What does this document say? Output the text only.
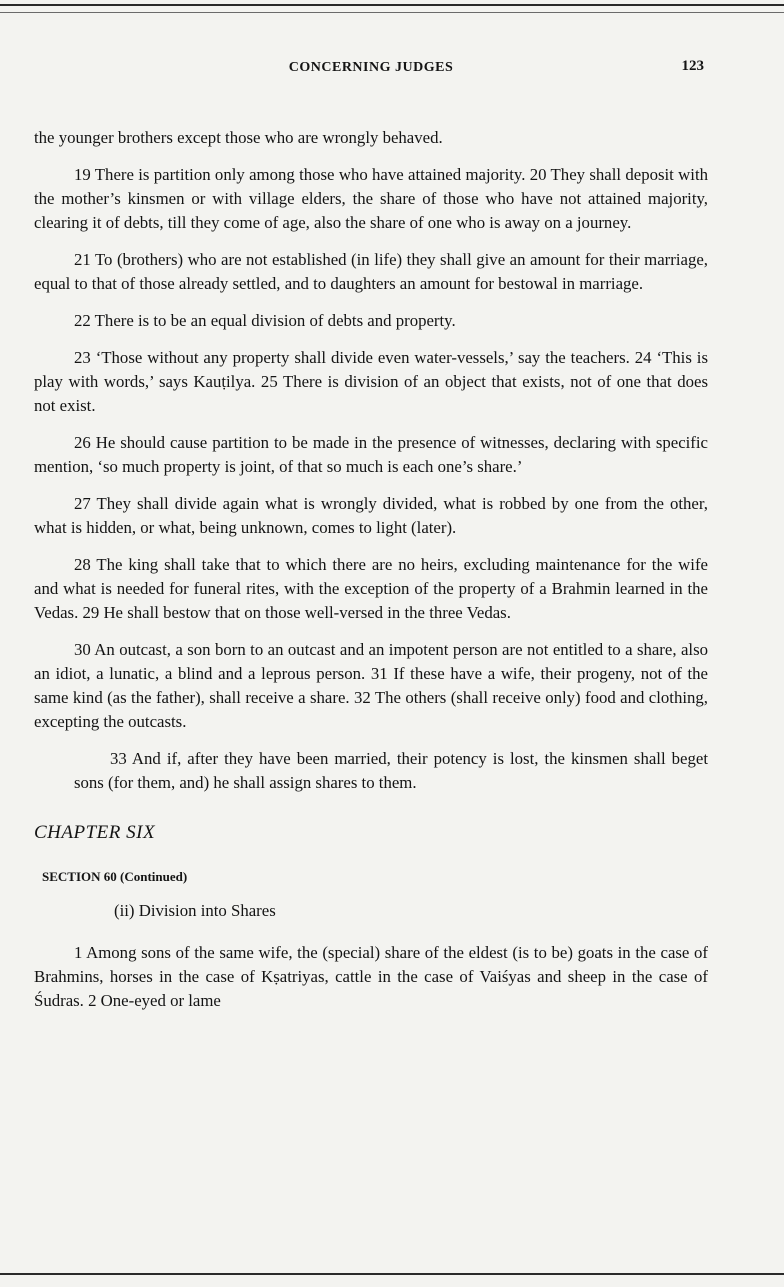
CONCERNING JUDGES	123

the younger brothers except those who are wrongly behaved.

19 There is partition only among those who have attained majority. 20 They shall deposit with the mother’s kinsmen or with village elders, the share of those who have not attained majority, clearing it of debts, till they come of age, also the share of one who is away on a journey.

21 To (brothers) who are not established (in life) they shall give an amount for their marriage, equal to that of those already settled, and to daughters an amount for bestowal in marriage.

22 There is to be an equal division of debts and property.

23 ‘Those without any property shall divide even water-vessels,’ say the teachers. 24 ‘This is play with words,’ says Kauṭilya. 25 There is division of an object that exists, not of one that does not exist.

26 He should cause partition to be made in the presence of witnesses, declaring with specific mention, ‘so much property is joint, of that so much is each one’s share.’

27 They shall divide again what is wrongly divided, what is robbed by one from the other, what is hidden, or what, being unknown, comes to light (later).

28 The king shall take that to which there are no heirs, excluding maintenance for the wife and what is needed for funeral rites, with the exception of the property of a Brahmin learned in the Vedas. 29 He shall bestow that on those well-versed in the three Vedas.

30 An outcast, a son born to an outcast and an impotent person are not entitled to a share, also an idiot, a lunatic, a blind and a leprous person. 31 If these have a wife, their progeny, not of the same kind (as the father), shall receive a share. 32 The others (shall receive only) food and clothing, excepting the outcasts.

33 And if, after they have been married, their potency is lost, the kinsmen shall beget sons (for them, and) he shall assign shares to them.

CHAPTER SIX

SECTION 60 (Continued)

(ii) Division into Shares

1 Among sons of the same wife, the (special) share of the eldest (is to be) goats in the case of Brahmins, horses in the case of Kṣatriyas, cattle in the case of Vaiśyas and sheep in the case of Śudras. 2 One-eyed or lame
